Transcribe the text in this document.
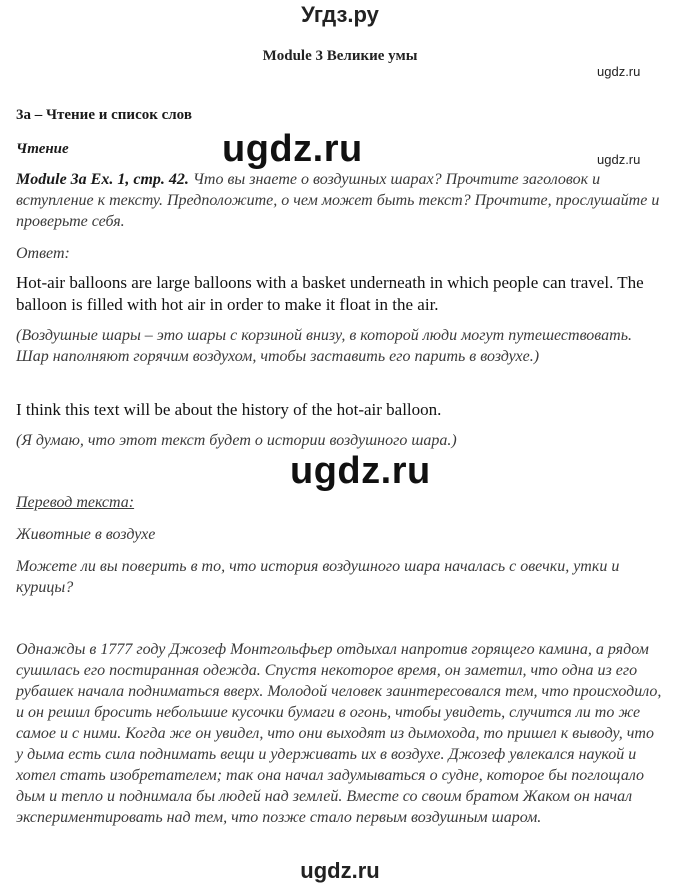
Угдз.ру
Module 3 Великие умы
ugdz.ru
3а – Чтение и список слов
Чтение	ugdz.ru	ugdz.ru
Module 3a Ex. 1, стр. 42. Что вы знаете о воздушных шарах? Прочтите заголовок и вступление к тексту. Предположите, о чем может быть текст? Прочтите, прослушайте и проверьте себя.
Ответ:
Hot-air balloons are large balloons with a basket underneath in which people can travel. The balloon is filled with hot air in order to make it float in the air.
(Воздушные шары – это шары с корзиной внизу, в которой люди могут путешествовать. Шар наполняют горячим воздухом, чтобы заставить его парить в воздухе.)
I think this text will be about the history of the hot-air balloon.
(Я думаю, что этот текст будет о истории воздушного шара.)
ugdz.ru
Перевод текста:
Животные в воздухе
Можете ли вы поверить в то, что история воздушного шара началась с овечки, утки и курицы?
Однажды в 1777 году Джозеф Монтгольфьер отдыхал напротив горящего камина, а рядом сушилась его постиранная одежда. Спустя некоторое время, он заметил, что одна из его рубашек начала подниматься вверх. Молодой человек заинтересовался тем, что происходило, и он решил бросить небольшие кусочки бумаги в огонь, чтобы увидеть, случится ли то же самое и с ними. Когда же он увидел, что они выходят из дымохода, то пришел к выводу, что у дыма есть сила поднимать вещи и удерживать их в воздухе. Джозеф увлекался наукой и хотел стать изобретателем; так она начал задумываться о судне, которое бы поглощало дым и тепло и поднимала бы людей над землей. Вместе со своим братом Жаком он начал экспериментировать над тем, что позже стало первым воздушным шаром.
ugdz.ru
